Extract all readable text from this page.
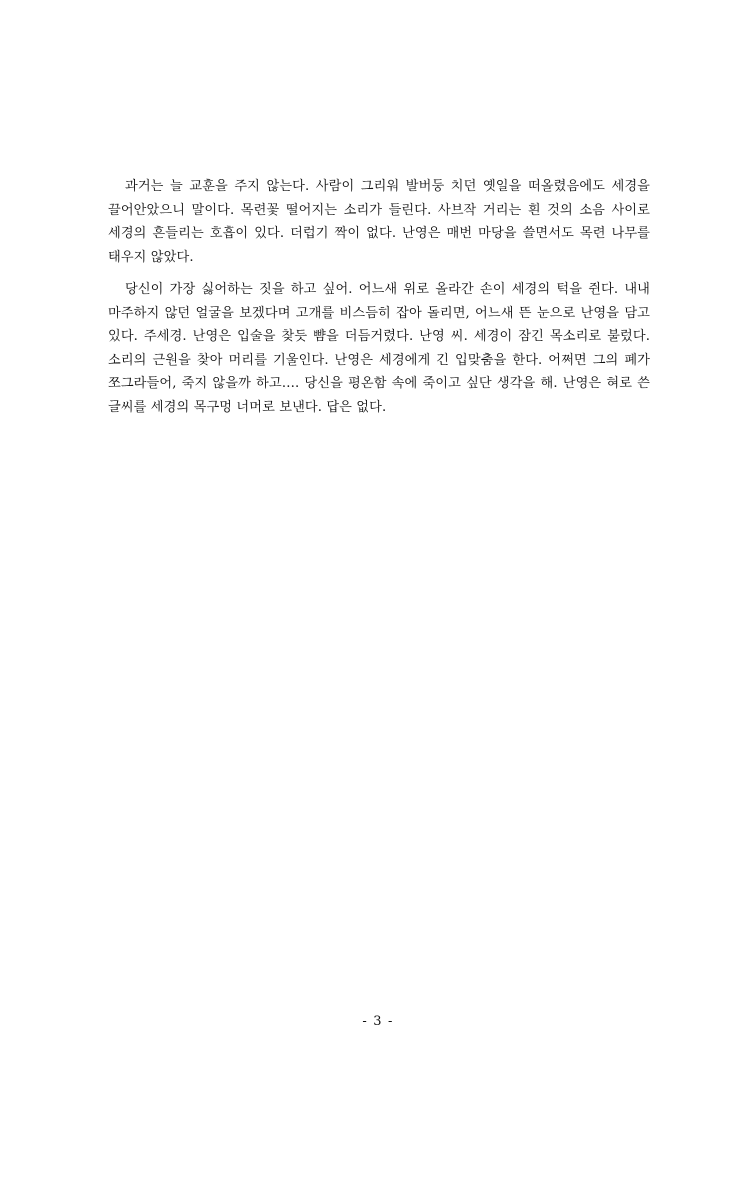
과거는 늘 교훈을 주지 않는다. 사람이 그리워 발버둥 치던 옛일을 떠올렸음에도 세경을 끌어안았으니 말이다. 목련꽃 떨어지는 소리가 들린다. 사브작 거리는 흰 것의 소음 사이로 세경의 흔들리는 호흡이 있다. 더럽기 짝이 없다. 난영은 매번 마당을 쓸면서도 목련 나무를 태우지 않았다.

당신이 가장 싫어하는 짓을 하고 싶어. 어느새 위로 올라간 손이 세경의 턱을 쥔다. 내내 마주하지 않던 얼굴을 보겠다며 고개를 비스듬히 잡아 돌리면, 어느새 뜬 눈으로 난영을 담고 있다. 주세경. 난영은 입술을 찾듯 뺨을 더듬거렸다. 난영 씨. 세경이 잠긴 목소리로 불렀다. 소리의 근원을 찾아 머리를 기울인다. 난영은 세경에게 긴 입맞춤을 한다. 어쩌면 그의 폐가 쪼그라들어, 죽지 않을까 하고…. 당신을 평온함 속에 죽이고 싶단 생각을 해. 난영은 혀로 쓴 글씨를 세경의 목구멍 너머로 보낸다. 답은 없다.

- 3 -
